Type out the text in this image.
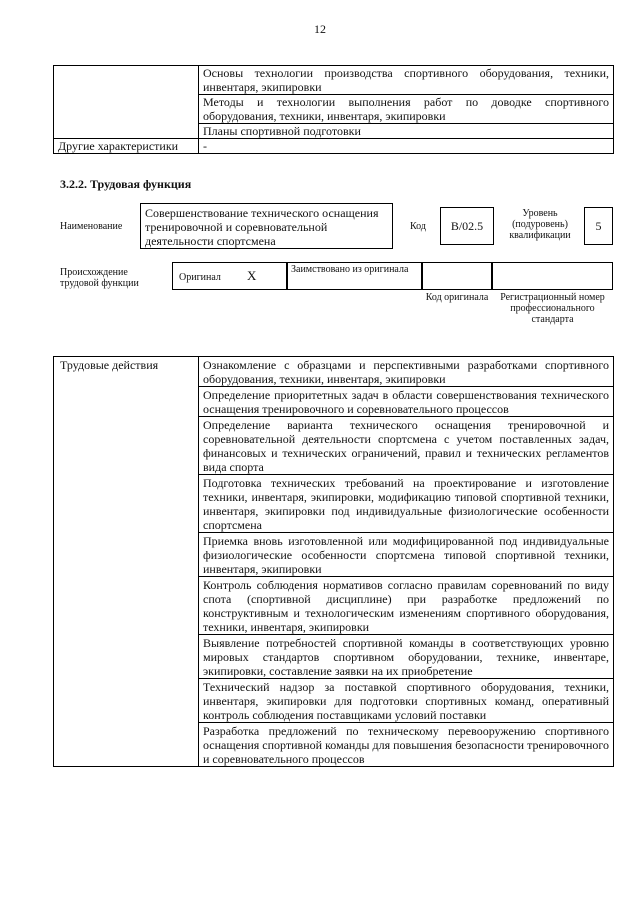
12
	Основы технологии производства спортивного оборудования, техники, инвентаря, экипировки
	Методы и технологии выполнения работ по доводке спортивного оборудования, техники, инвентаря, экипировки
	Планы спортивной подготовки
Другие характеристики	-
3.2.2. Трудовая функция
Наименование
Совершенствование технического оснащения тренировочной и соревновательной деятельности спортсмена
Код	B/02.5
Уровень (подуровень) квалификации
5
Происхождение трудовой функции
Оригинал X	Заимствовано из оригинала
Код оригинала	Регистрационный номер профессионального стандарта
Трудовые действия	Ознакомление с образцами и перспективными разработками спортивного оборудования, техники, инвентаря, экипировки
Определение приоритетных задач в области совершенствования технического оснащения тренировочного и соревновательного процессов
Определение варианта технического оснащения тренировочной и соревновательной деятельности спортсмена с учетом поставленных задач, финансовых и технических ограничений, правил и технических регламентов вида спорта
Подготовка технических требований на проектирование и изготовление техники, инвентаря, экипировки, модификацию типовой спортивной техники, инвентаря, экипировки под индивидуальные физиологические особенности спортсмена
Приемка вновь изготовленной или модифицированной под индивидуальные физиологические особенности спортсмена типовой спортивной техники, инвентаря, экипировки
Контроль соблюдения нормативов согласно правилам соревнований по виду спота (спортивной дисциплине) при разработке предложений по конструктивным и технологическим изменениям спортивного оборудования, техники, инвентаря, экипировки
Выявление потребностей спортивной команды в соответствующих уровню мировых стандартов спортивном оборудовании, технике, инвентаре, экипировки, составление заявки на их приобретение
Технический надзор за поставкой спортивного оборудования, техники, инвентаря, экипировки для подготовки спортивных команд, оперативный контроль соблюдения поставщиками условий поставки
Разработка предложений по техническому перевооружению спортивного оснащения спортивной команды для повышения безопасности тренировочного и соревновательного процессов
